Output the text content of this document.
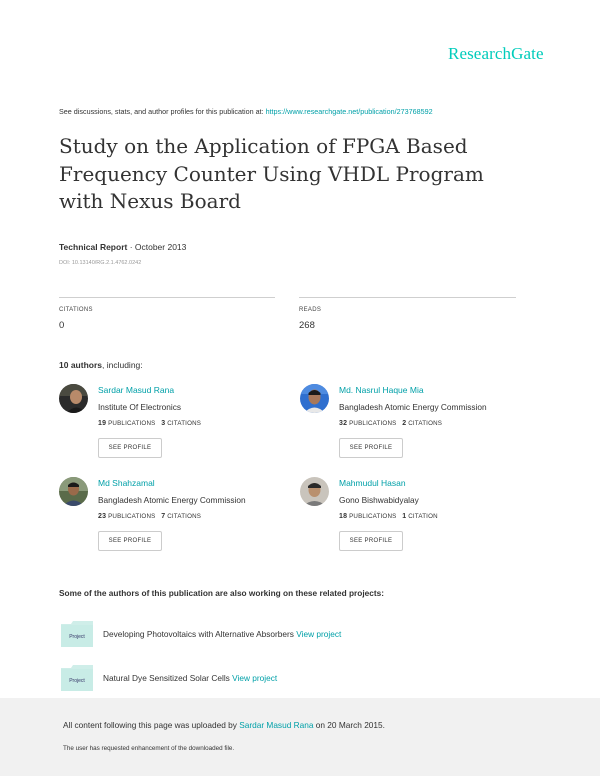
ResearchGate
See discussions, stats, and author profiles for this publication at: https://www.researchgate.net/publication/273768592
Study on the Application of FPGA Based Frequency Counter Using VHDL Program with Nexus Board
Technical Report · October 2013
DOI: 10.13140/RG.2.1.4762.0242
CITATIONS
0
READS
268
10 authors, including:
Sardar Masud Rana
Institute Of Electronics
19 PUBLICATIONS 3 CITATIONS
SEE PROFILE
Md. Nasrul Haque Mia
Bangladesh Atomic Energy Commission
32 PUBLICATIONS 2 CITATIONS
SEE PROFILE
Md Shahzamal
Bangladesh Atomic Energy Commission
23 PUBLICATIONS 7 CITATIONS
SEE PROFILE
Mahmudul Hasan
Gono Bishwabidyalay
18 PUBLICATIONS 1 CITATION
SEE PROFILE
Some of the authors of this publication are also working on these related projects:
Project Developing Photovoltaics with Alternative Absorbers View project
Project Natural Dye Sensitized Solar Cells View project
All content following this page was uploaded by Sardar Masud Rana on 20 March 2015.
The user has requested enhancement of the downloaded file.
